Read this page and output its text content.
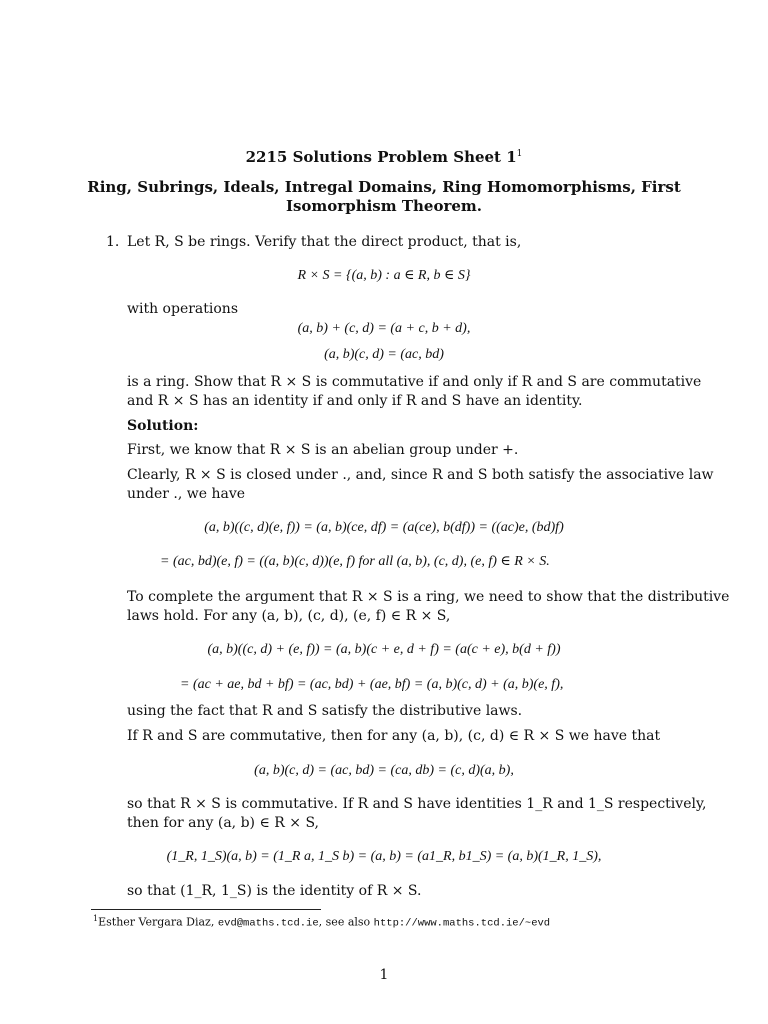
2215 Solutions Problem Sheet $1^1$
Ring, Subrings, Ideals, Intregal Domains, Ring Homomorphisms, First
Isomorphism Theorem.
1. Let R, S be rings. Verify that the direct product, that is,
R × S = {(a, b) : a ∈ R, b ∈ S}
with operations
(a, b) + (c, d) = (a + c, b + d),
(a, b)(c, d) = (ac, bd)
is a ring. Show that R × S is commutative if and only if R and S are commutative
and R × S has an identity if and only if R and S have an identity.
Solution:
First, we know that R × S is an abelian group under +.
Clearly, R × S is closed under ., and, since R and S both satisfy the associative law
under ., we have
(a, b)((c, d)(e, f)) = (a, b)(ce, df) = (a(ce), b(df)) = ((ac)e, (bd)f)
= (ac, bd)(e, f) = ((a, b)(c, d))(e, f) for all (a, b), (c, d), (e, f) ∈ R × S.
To complete the argument that R × S is a ring, we need to show that the distributive
laws hold. For any (a, b), (c, d), (e, f) ∈ R × S,
(a, b)((c, d) + (e, f)) = (a, b)(c + e, d + f) = (a(c + e), b(d + f))
= (ac + ae, bd + bf) = (ac, bd) + (ae, bf) = (a, b)(c, d) + (a, b)(e, f),
using the fact that R and S satisfy the distributive laws.
If R and S are commutative, then for any (a, b), (c, d) ∈ R × S we have that
(a, b)(c, d) = (ac, bd) = (ca, db) = (c, d)(a, b),
so that R × S is commutative. If R and S have identities 1_R and 1_S respectively,
then for any (a, b) ∈ R × S,
(1_R, 1_S)(a, b) = (1_R a, 1_S b) = (a, b) = (a1_R, b1_S) = (a, b)(1_R, 1_S),
so that (1_R, 1_S) is the identity of R × S.
$^1$Esther Vergara Diaz, evd@maths.tcd.ie, see also http://www.maths.tcd.ie/~evd
1
